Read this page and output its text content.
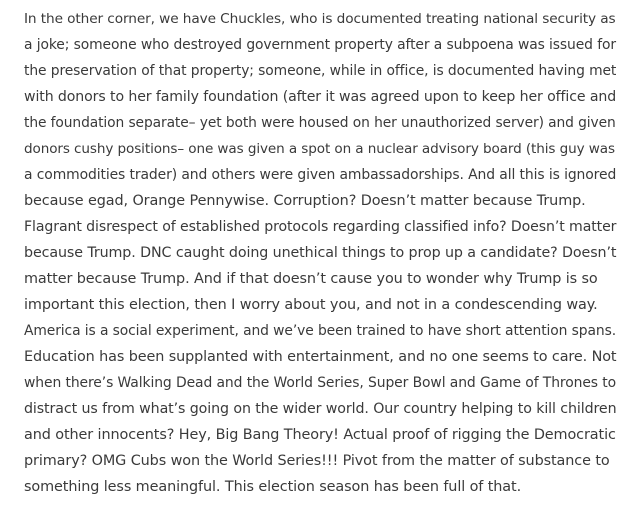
In the other corner, we have Chuckles, who is documented treating national security as
a joke; someone who destroyed government property after a subpoena was issued for
the preservation of that property; someone, while in office, is documented having met
with donors to her family foundation (after it was agreed upon to keep her office and
the foundation separate– yet both were housed on her unauthorized server) and given
donors cushy positions– one was given a spot on a nuclear advisory board (this guy was
a commodities trader) and others were given ambassadorships. And all this is ignored
because egad, Orange Pennywise. Corruption? Doesn’t matter because Trump.
Flagrant disrespect of established protocols regarding classified info? Doesn’t matter
because Trump. DNC caught doing unethical things to prop up a candidate? Doesn’t
matter because Trump. And if that doesn’t cause you to wonder why Trump is so
important this election, then I worry about you, and not in a condescending way.
America is a social experiment, and we’ve been trained to have short attention spans.
Education has been supplanted with entertainment, and no one seems to care. Not
when there’s Walking Dead and the World Series, Super Bowl and Game of Thrones to
distract us from what’s going on the wider world. Our country helping to kill children
and other innocents? Hey, Big Bang Theory! Actual proof of rigging the Democratic
primary? OMG Cubs won the World Series!!! Pivot from the matter of substance to
something less meaningful. This election season has been full of that.
